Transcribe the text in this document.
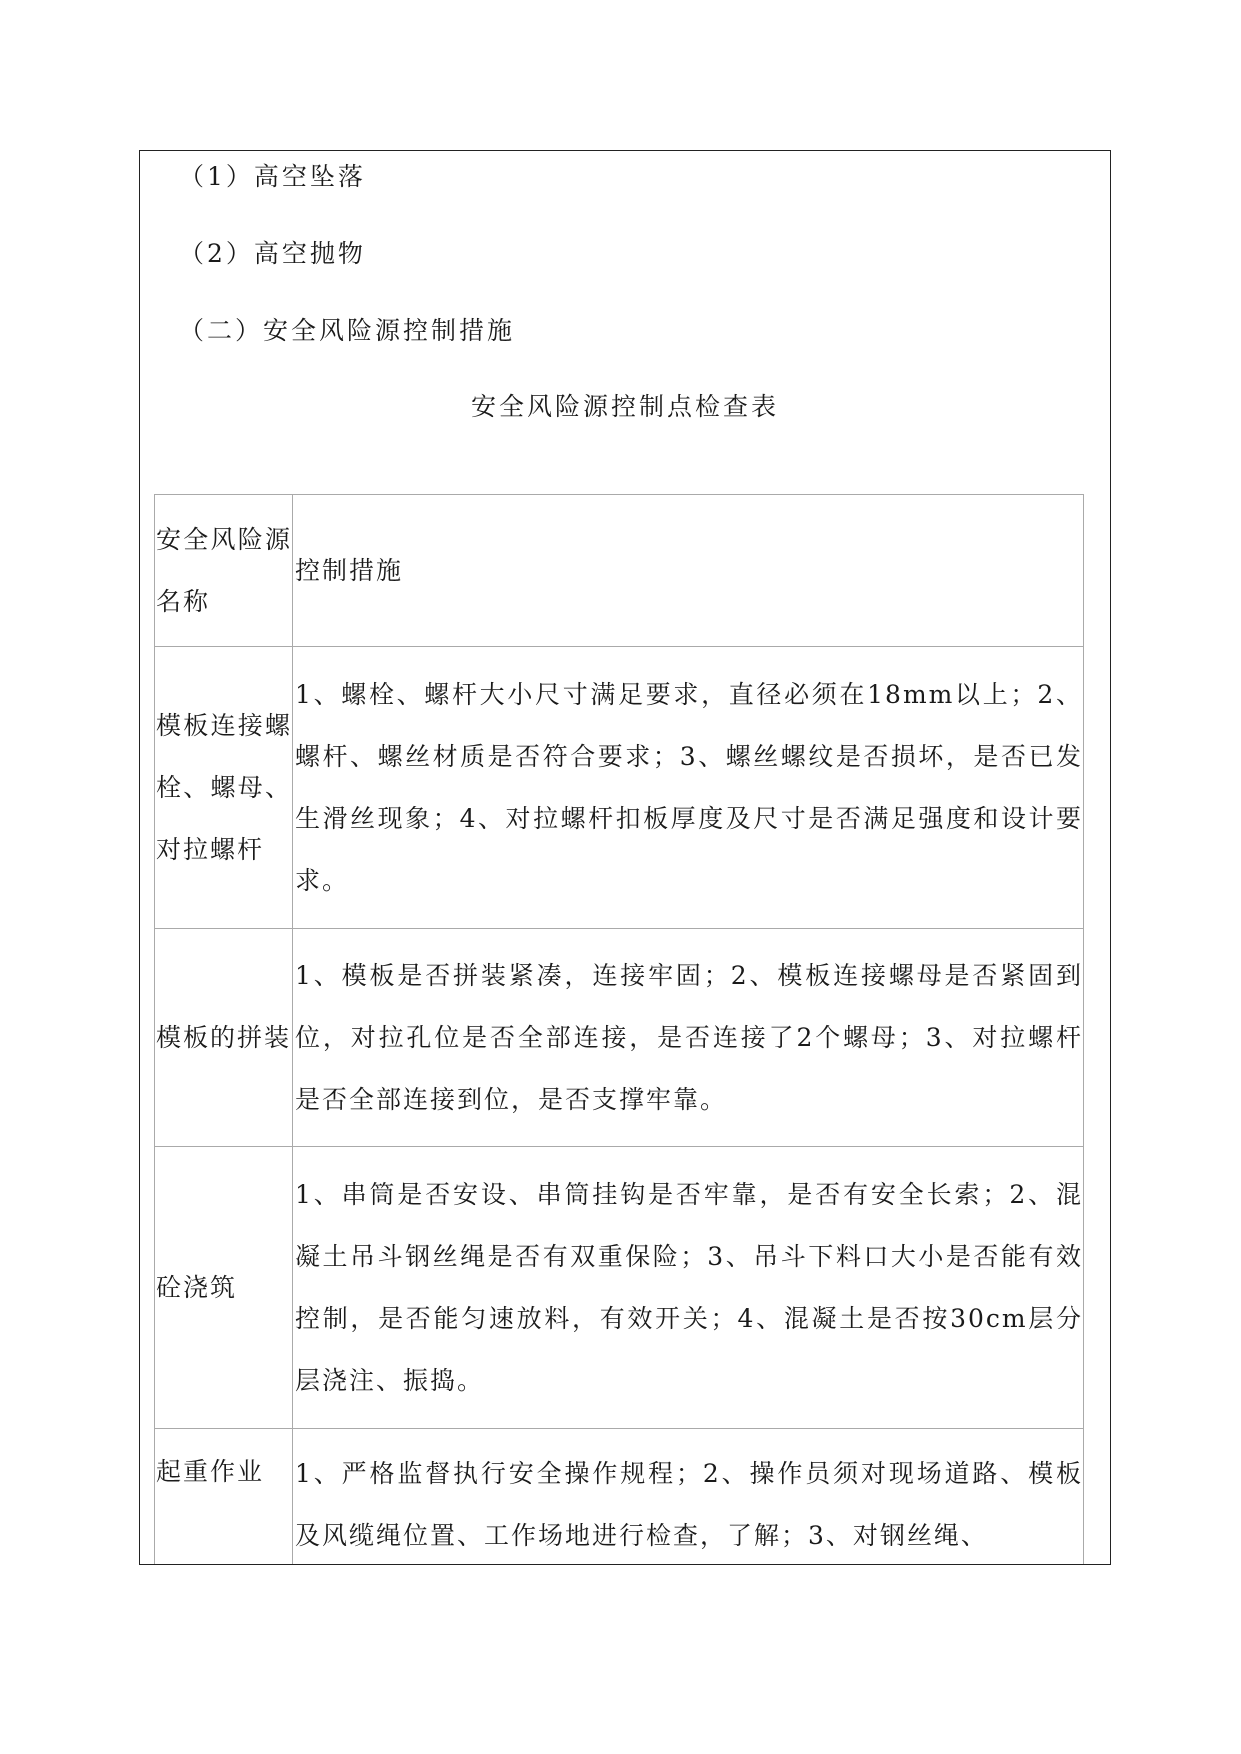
（1）高空坠落
（2）高空抛物
（二）安全风险源控制措施
安全风险源控制点检查表
安全风险源名称	控制措施

模板连接螺栓、螺母、对拉螺杆	1、螺栓、螺杆大小尺寸满足要求，直径必须在18mm以上；2、螺杆、螺丝材质是否符合要求；3、螺丝螺纹是否损坏，是否已发生滑丝现象；4、对拉螺杆扣板厚度及尺寸是否满足强度和设计要求。

模板的拼装	1、模板是否拼装紧凑，连接牢固；2、模板连接螺母是否紧固到位，对拉孔位是否全部连接，是否连接了2个螺母；3、对拉螺杆是否全部连接到位，是否支撑牢靠。

砼浇筑	1、串筒是否安设、串筒挂钩是否牢靠，是否有安全长索；2、混凝土吊斗钢丝绳是否有双重保险；3、吊斗下料口大小是否能有效控制，是否能匀速放料，有效开关；4、混凝土是否按30cm层分层浇注、振捣。

起重作业	1、严格监督执行安全操作规程；2、操作员须对现场道路、模板及风缆绳位置、工作场地进行检查，了解；3、对钢丝绳、
